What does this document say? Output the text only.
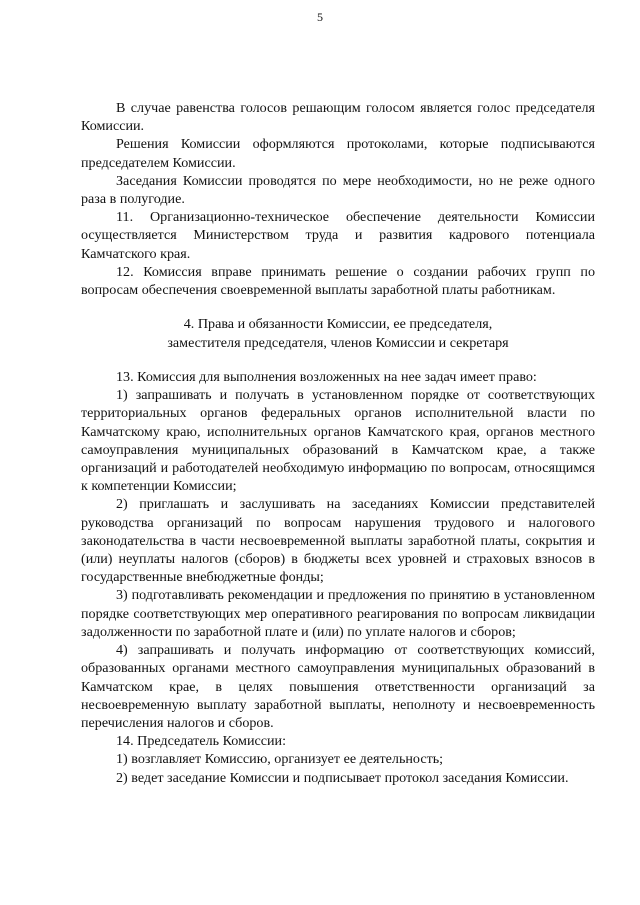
5

В случае равенства голосов решающим голосом является голос председателя Комиссии.

Решения Комиссии оформляются протоколами, которые подписываются председателем Комиссии.

Заседания Комиссии проводятся по мере необходимости, но не реже одного раза в полугодие.

11. Организационно-техническое обеспечение деятельности Комиссии осуществляется Министерством труда и развития кадрового потенциала Камчатского края.

12. Комиссия вправе принимать решение о создании рабочих групп по вопросам обеспечения своевременной выплаты заработной платы работникам.

4. Права и обязанности Комиссии, ее председателя,
заместителя председателя, членов Комиссии и секретаря

13. Комиссия для выполнения возложенных на нее задач имеет право:

1) запрашивать и получать в установленном порядке от соответствующих территориальных органов федеральных органов исполнительной власти по Камчатскому краю, исполнительных органов Камчатского края, органов местного самоуправления муниципальных образований в Камчатском крае, а также организаций и работодателей необходимую информацию по вопросам, относящимся к компетенции Комиссии;

2) приглашать и заслушивать на заседаниях Комиссии представителей руководства организаций по вопросам нарушения трудового и налогового законодательства в части несвоевременной выплаты заработной платы, сокрытия и (или) неуплаты налогов (сборов) в бюджеты всех уровней и страховых взносов в государственные внебюджетные фонды;

3) подготавливать рекомендации и предложения по принятию в установленном порядке соответствующих мер оперативного реагирования по вопросам ликвидации задолженности по заработной плате и (или) по уплате налогов и сборов;

4) запрашивать и получать информацию от соответствующих комиссий, образованных органами местного самоуправления муниципальных образований в Камчатском крае, в целях повышения ответственности организаций за несвоевременную выплату заработной выплаты, неполноту и несвоевременность перечисления налогов и сборов.

14. Председатель Комиссии:

1) возглавляет Комиссию, организует ее деятельность;

2) ведет заседание Комиссии и подписывает протокол заседания Комиссии.
